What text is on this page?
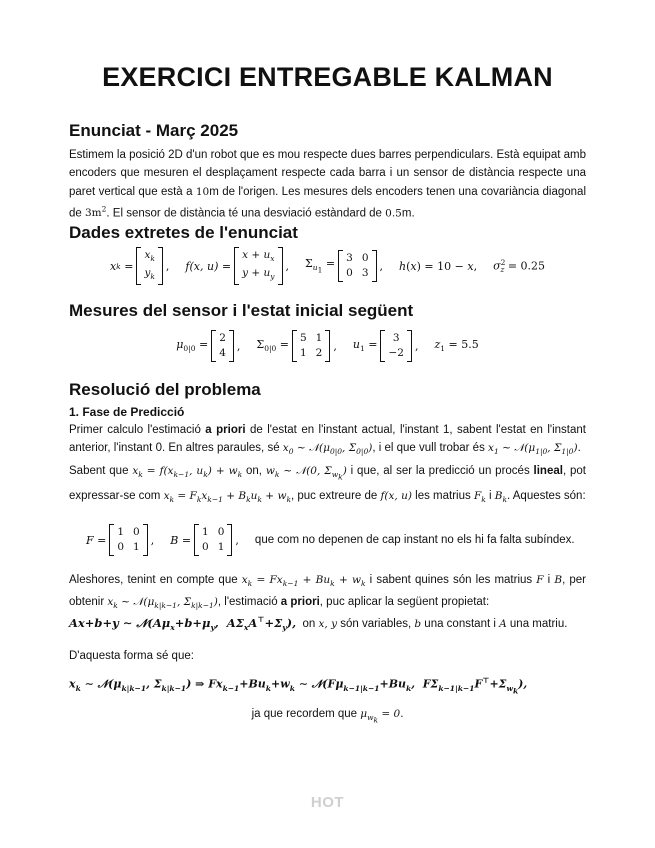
EXERCICI ENTREGABLE KALMAN
Enunciat - Març 2025

Estimem la posició 2D d'un robot que es mou respecte dues barres perpendiculars. Està equipat amb encoders que mesuren el desplaçament respecte cada barra i un sensor de distància respecte una paret vertical que està a 10m de l'origen. Les mesures dels encoders tenen una covariància diagonal de $3m^2$. El sensor de distància té una desviació estàndard de 0.5m.

Dades extretes de l'enunciat
x k =
$x_k$
$y_k$
, f(x, u) =
$x + u_x$
$y + u_y$
, $\Sigma_{u_1} = 3$ 0
0 3
, h(x) = 10 − x, $\sigma^2_z = 0.25$
Mesures del sensor i l'estat inicial següent
$\mu_{0|0}$ =
2
4
, $\Sigma_{0|0}$ =
5 1
1 2
, $u_1$ =
3
−2
, $z_1 = 5.5$
Resolució del problema
1. Fase de Predicció

Primer calculo l'estimació a priori de l'estat en l'instant actual, l'instant 1, sabent l'estat en l'instant anterior, l'instant 0. En altres paraules, sé $x_0$ ∼ $𝒩(\mu_{0|0}$, $\Sigma_{0|0}$), i el que vull trobar és $x_1$ ∼ $𝒩(\mu_{1|0}$, $\Sigma_{1|0}$).

Sabent que $x_k = f(x_{k-1}$, $u_k) + w_k$ on, $w_k$ ∼ 𝒩(0, $\Sigma_{w_k}$) i que, al ser la predicció un procés lineal, pot expressar-se com $x_k = F_kx_{k-1} + B_ku_k + w_k$, puc extreure de f(x, u) les matrius $F_k$ i $B_k$. Aquestes són:

F =
1 0
0 1
, B =
1 0
0 1
, que com no depenen de cap instant no els hi fa falta subíndex.

Aleshores, tenint en compte que $x_k = Fx_{k-1} + Bu_k + w_k$ i sabent quines són les matrius F i B, per obtenir $x_k$ ∼ $𝒩(\mu_{k|k-1}$, $\Sigma_{k|k-1}$), l'estimació a priori, puc aplicar la següent propietat:

Ax+b+y ∼ $𝒩(A\mu_x+b+\mu_y$,  $A\Sigma_xA^⊤+\Sigma_y$), on x, y són variables, b una constant i A una matriu.

D'aquesta forma sé que:

$x_k$ ∼ $𝒩(\mu_{k|k-1}$, $\Sigma_{k|k-1}$) ⇒ $Fx_{k-1}+Bu_k+w_k$ ∼ $𝒩(F\mu_{k-1|k-1}+Bu_k$,  $F\Sigma_{k-1|k-1}F^⊤+\Sigma_{w_k}$),
ja que recordem que $\mu_{w_k} = 0$.
HOT
